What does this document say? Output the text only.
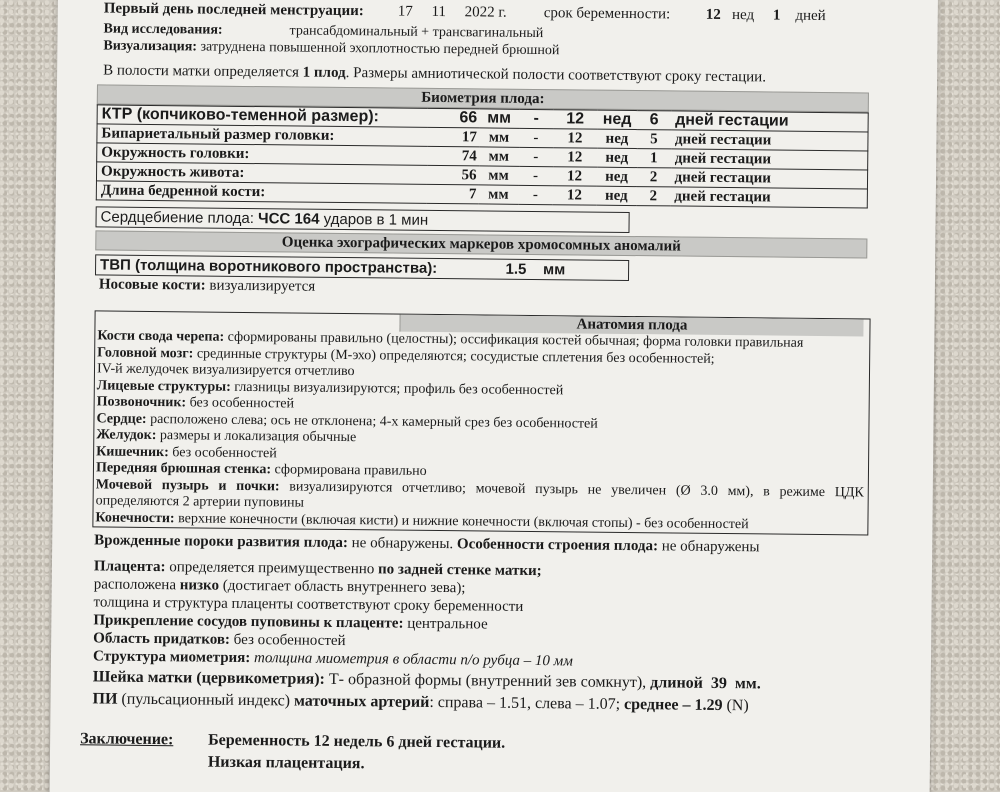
Первый день последней менструации: 17 11 2022 г. срок беременности: 12 нед 1 дней
Вид исследования:	трансабдоминальный + трансвагинальный
Визуализация: затруднена повышенной эхоплотностью передней брюшной
В полости матки определяется 1 плод. Размеры амниотической полости соответствуют сроку гестации.
Биометрия плода:
КТР (копчиково-теменной размер):	66	мм	-	12	нед	6	дней гестации
Бипариетальный размер головки:	17	мм	-	12	нед	5	дней гестации
Окружность головки:	74	мм	-	12	нед	1	дней гестации
Окружность живота:	56	мм	-	12	нед	2	дней гестации
Длина бедренной кости:	7	мм	-	12	нед	2	дней гестации
Сердцебиение плода: ЧСС 164 ударов в 1 мин
Оценка эхографических маркеров хромосомных аномалий
ТВП (толщина воротникового пространства):	1.5 мм
Носовые кости: визуализируется
Анатомия плода
Кости свода черепа: сформированы правильно (целостны); оссификация костей обычная; форма головки правильная
Головной мозг: срединные структуры (М-эхо) определяются; сосудистые сплетения без особенностей;
IV-й желудочек визуализируется отчетливо
Лицевые структуры: глазницы визуализируются; профиль без особенностей
Позвоночник: без особенностей
Сердце: расположено слева; ось не отклонена; 4-х камерный срез без особенностей
Желудок: размеры и локализация обычные
Кишечник: без особенностей
Передняя брюшная стенка: сформирована правильно
Мочевой пузырь и почки: визуализируются отчетливо; мочевой пузырь не увеличен (Ø 3.0 мм), в режиме ЦДК
определяются 2 артерии пуповины
Конечности: верхние конечности (включая кисти) и нижние конечности (включая стопы) - без особенностей
Врожденные пороки развития плода: не обнаружены. Особенности строения плода: не обнаружены
Плацента: определяется преимущественно по задней стенке матки;
расположена низко (достигает область внутреннего зева);
толщина и структура плаценты соответствуют сроку беременности
Прикрепление сосудов пуповины к плаценте: центральное
Область придатков: без особенностей
Структура миометрия: толщина миометрия в области п/о рубца – 10 мм
Шейка матки (цервикометрия): Т- образной формы (внутренний зев сомкнут), длиной 39 мм.
ПИ (пульсационный индекс) маточных артерий: справа – 1.51, слева – 1.07; среднее – 1.29 (N)
Заключение: Беременность 12 недель 6 дней гестации.
Низкая плацентация.
